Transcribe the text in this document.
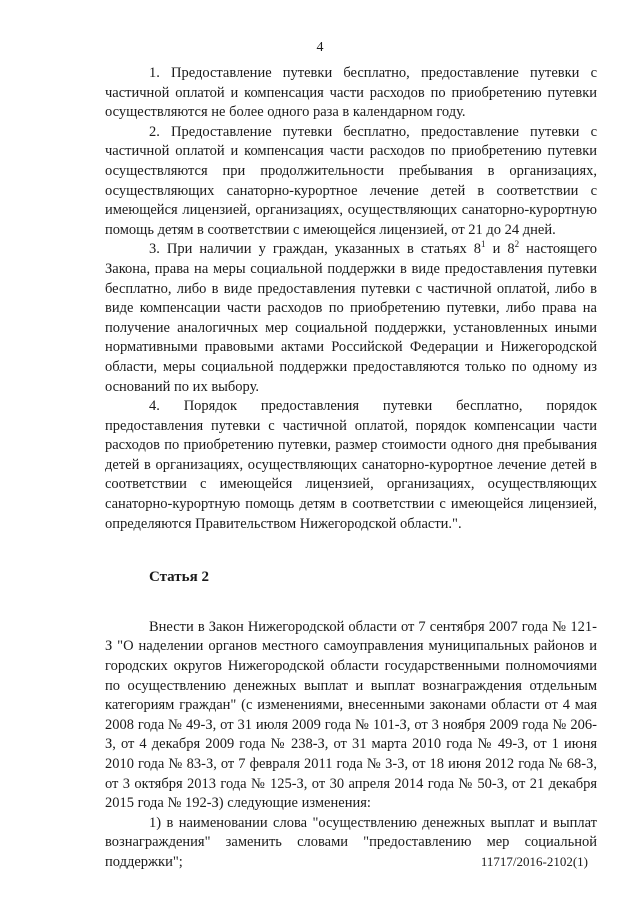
4

1. Предоставление путевки бесплатно, предоставление путевки с частичной оплатой и компенсация части расходов по приобретению путевки осуществляются не более одного раза в календарном году.

2. Предоставление путевки бесплатно, предоставление путевки с частичной оплатой и компенсация части расходов по приобретению путевки осуществляются при продолжительности пребывания в организациях, осуществляющих санаторно-курортное лечение детей в соответствии с имеющейся лицензией, организациях, осуществляющих санаторно-курортную помощь детям в соответствии с имеющейся лицензией, от 21 до 24 дней.

3. При наличии у граждан, указанных в статьях $8^1$ и $8^2$ настоящего Закона, права на меры социальной поддержки в виде предоставления путевки бесплатно, либо в виде предоставления путевки с частичной оплатой, либо в виде компенсации части расходов по приобретению путевки, либо права на получение аналогичных мер социальной поддержки, установленных иными нормативными правовыми актами Российской Федерации и Нижегородской области, меры социальной поддержки предоставляются только по одному из оснований по их выбору.

4. Порядок предоставления путевки бесплатно, порядок предоставления путевки с частичной оплатой, порядок компенсации части расходов по приобретению путевки, размер стоимости одного дня пребывания детей в организациях, осуществляющих санаторно-курортное лечение детей в соответствии с имеющейся лицензией, организациях, осуществляющих санаторно-курортную помощь детям в соответствии с имеющейся лицензией, определяются Правительством Нижегородской области.".

Статья 2

Внести в Закон Нижегородской области от 7 сентября 2007 года № 121-З "О наделении органов местного самоуправления муниципальных районов и городских округов Нижегородской области государственными полномочиями по осуществлению денежных выплат и выплат вознаграждения отдельным категориям граждан" (с изменениями, внесенными законами области от 4 мая 2008 года № 49-З, от 31 июля 2009 года № 101-З, от 3 ноября 2009 года № 206-З, от 4 декабря 2009 года № 238-З, от 31 марта 2010 года № 49-З, от 1 июня 2010 года № 83-З, от 7 февраля 2011 года № 3-З, от 18 июня 2012 года № 68-З, от 3 октября 2013 года № 125-З, от 30 апреля 2014 года № 50-З, от 21 декабря 2015 года № 192-З) следующие изменения:

1) в наименовании слова "осуществлению денежных выплат и выплат вознаграждения" заменить словами "предоставлению мер социальной поддержки";	11717/2016-2102(1)
